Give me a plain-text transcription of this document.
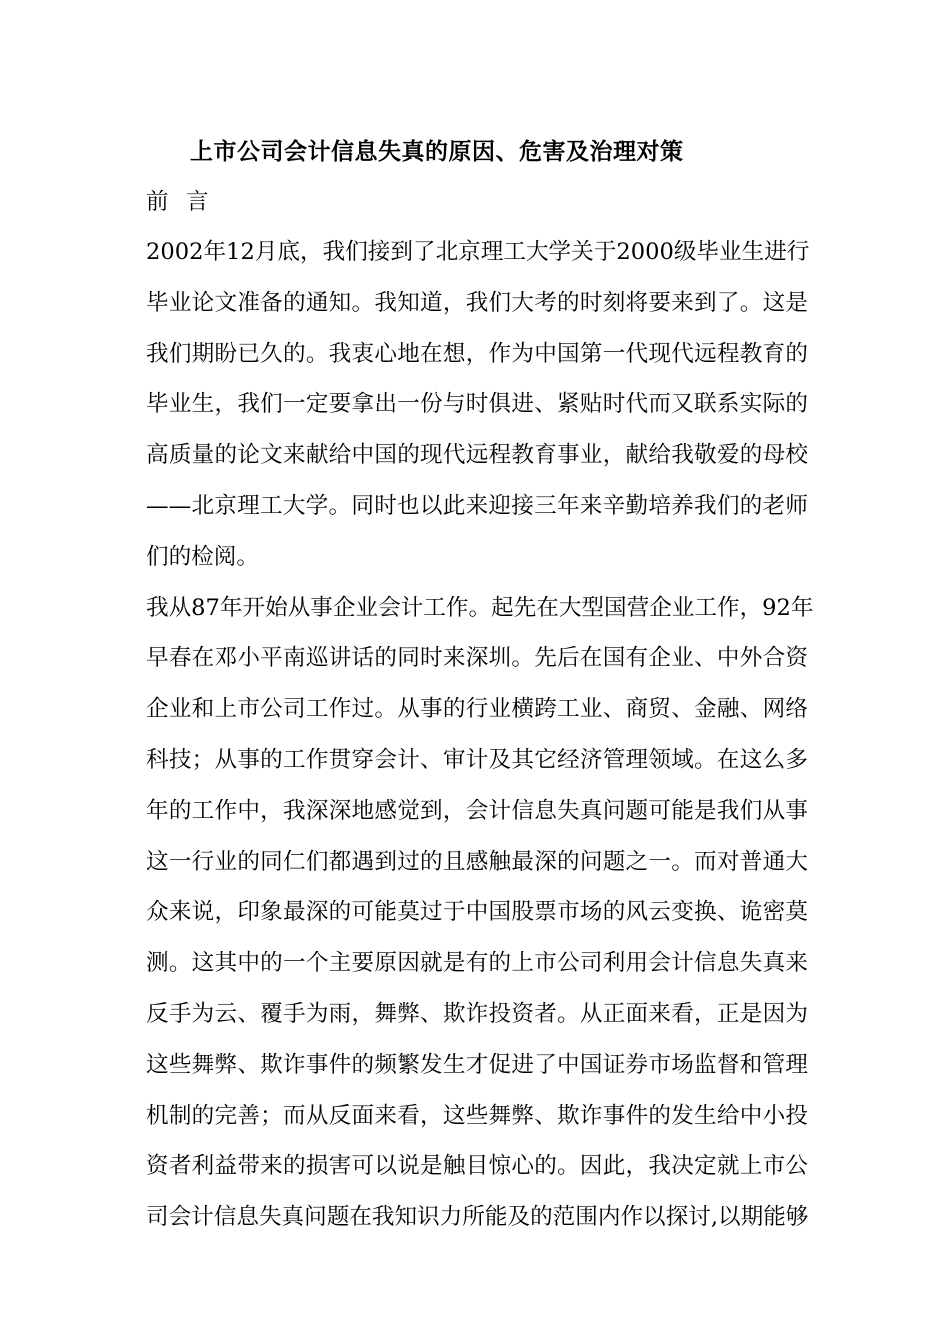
上市公司会计信息失真的原因、危害及治理对策
前  言
2002年12月底，我们接到了北京理工大学关于2000级毕业生进行
毕业论文准备的通知。我知道，我们大考的时刻将要来到了。这是
我们期盼已久的。我衷心地在想，作为中国第一代现代远程教育的
毕业生，我们一定要拿出一份与时俱进、紧贴时代而又联系实际的
高质量的论文来献给中国的现代远程教育事业，献给我敬爱的母校
——北京理工大学。同时也以此来迎接三年来辛勤培养我们的老师
们的检阅。
我从87年开始从事企业会计工作。起先在大型国营企业工作，92年
早春在邓小平南巡讲话的同时来深圳。先后在国有企业、中外合资
企业和上市公司工作过。从事的行业横跨工业、商贸、金融、网络
科技；从事的工作贯穿会计、审计及其它经济管理领域。在这么多
年的工作中，我深深地感觉到，会计信息失真问题可能是我们从事
这一行业的同仁们都遇到过的且感触最深的问题之一。而对普通大
众来说，印象最深的可能莫过于中国股票市场的风云变换、诡密莫
测。这其中的一个主要原因就是有的上市公司利用会计信息失真来
反手为云、覆手为雨，舞弊、欺诈投资者。从正面来看，正是因为
这些舞弊、欺诈事件的频繁发生才促进了中国证券市场监督和管理
机制的完善；而从反面来看，这些舞弊、欺诈事件的发生给中小投
资者利益带来的损害可以说是触目惊心的。因此，我决定就上市公
司会计信息失真问题在我知识力所能及的范围内作以探讨,以期能够
